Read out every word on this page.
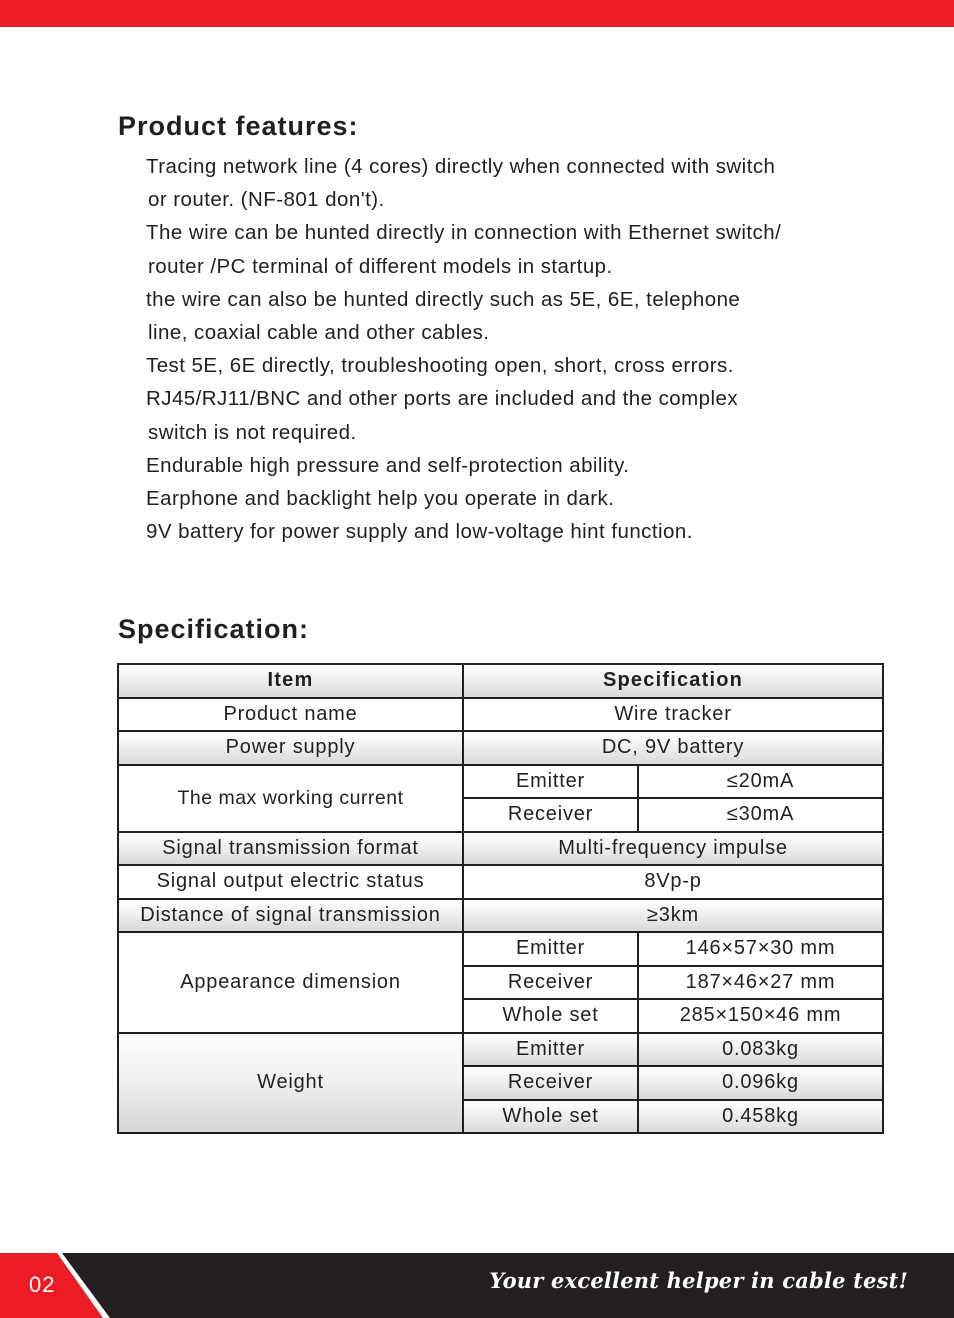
Product features:
Tracing network line (4 cores) directly when connected with switch
or router. (NF-801 don't).
The wire can be hunted directly in connection with Ethernet switch/
router /PC terminal of different models in startup.
the wire can also be hunted directly such as 5E, 6E, telephone
line, coaxial cable and other cables.
Test 5E, 6E directly, troubleshooting open, short, cross errors.
RJ45/RJ11/BNC and other ports are included and the complex
switch is not required.
Endurable high pressure and self-protection ability.
Earphone and backlight help you operate in dark.
9V battery for power supply and low-voltage hint function.
Specification:
Item	Specification	
Product name	Wire tracker	
Power supply	DC, 9V battery	
The max working current	Emitter	≤20mA
	Receiver	≤30mA
Signal transmission format	Multi-frequency impulse	
Signal output electric status	8Vp-p	
Distance of signal transmission	≥3km	
Appearance dimension	Emitter	146×57×30 mm
	Receiver	187×46×27 mm
	Whole set	285×150×46 mm
Weight	Emitter	0.083kg
	Receiver	0.096kg
	Whole set	0.458kg
02	Your excellent helper in cable test!
